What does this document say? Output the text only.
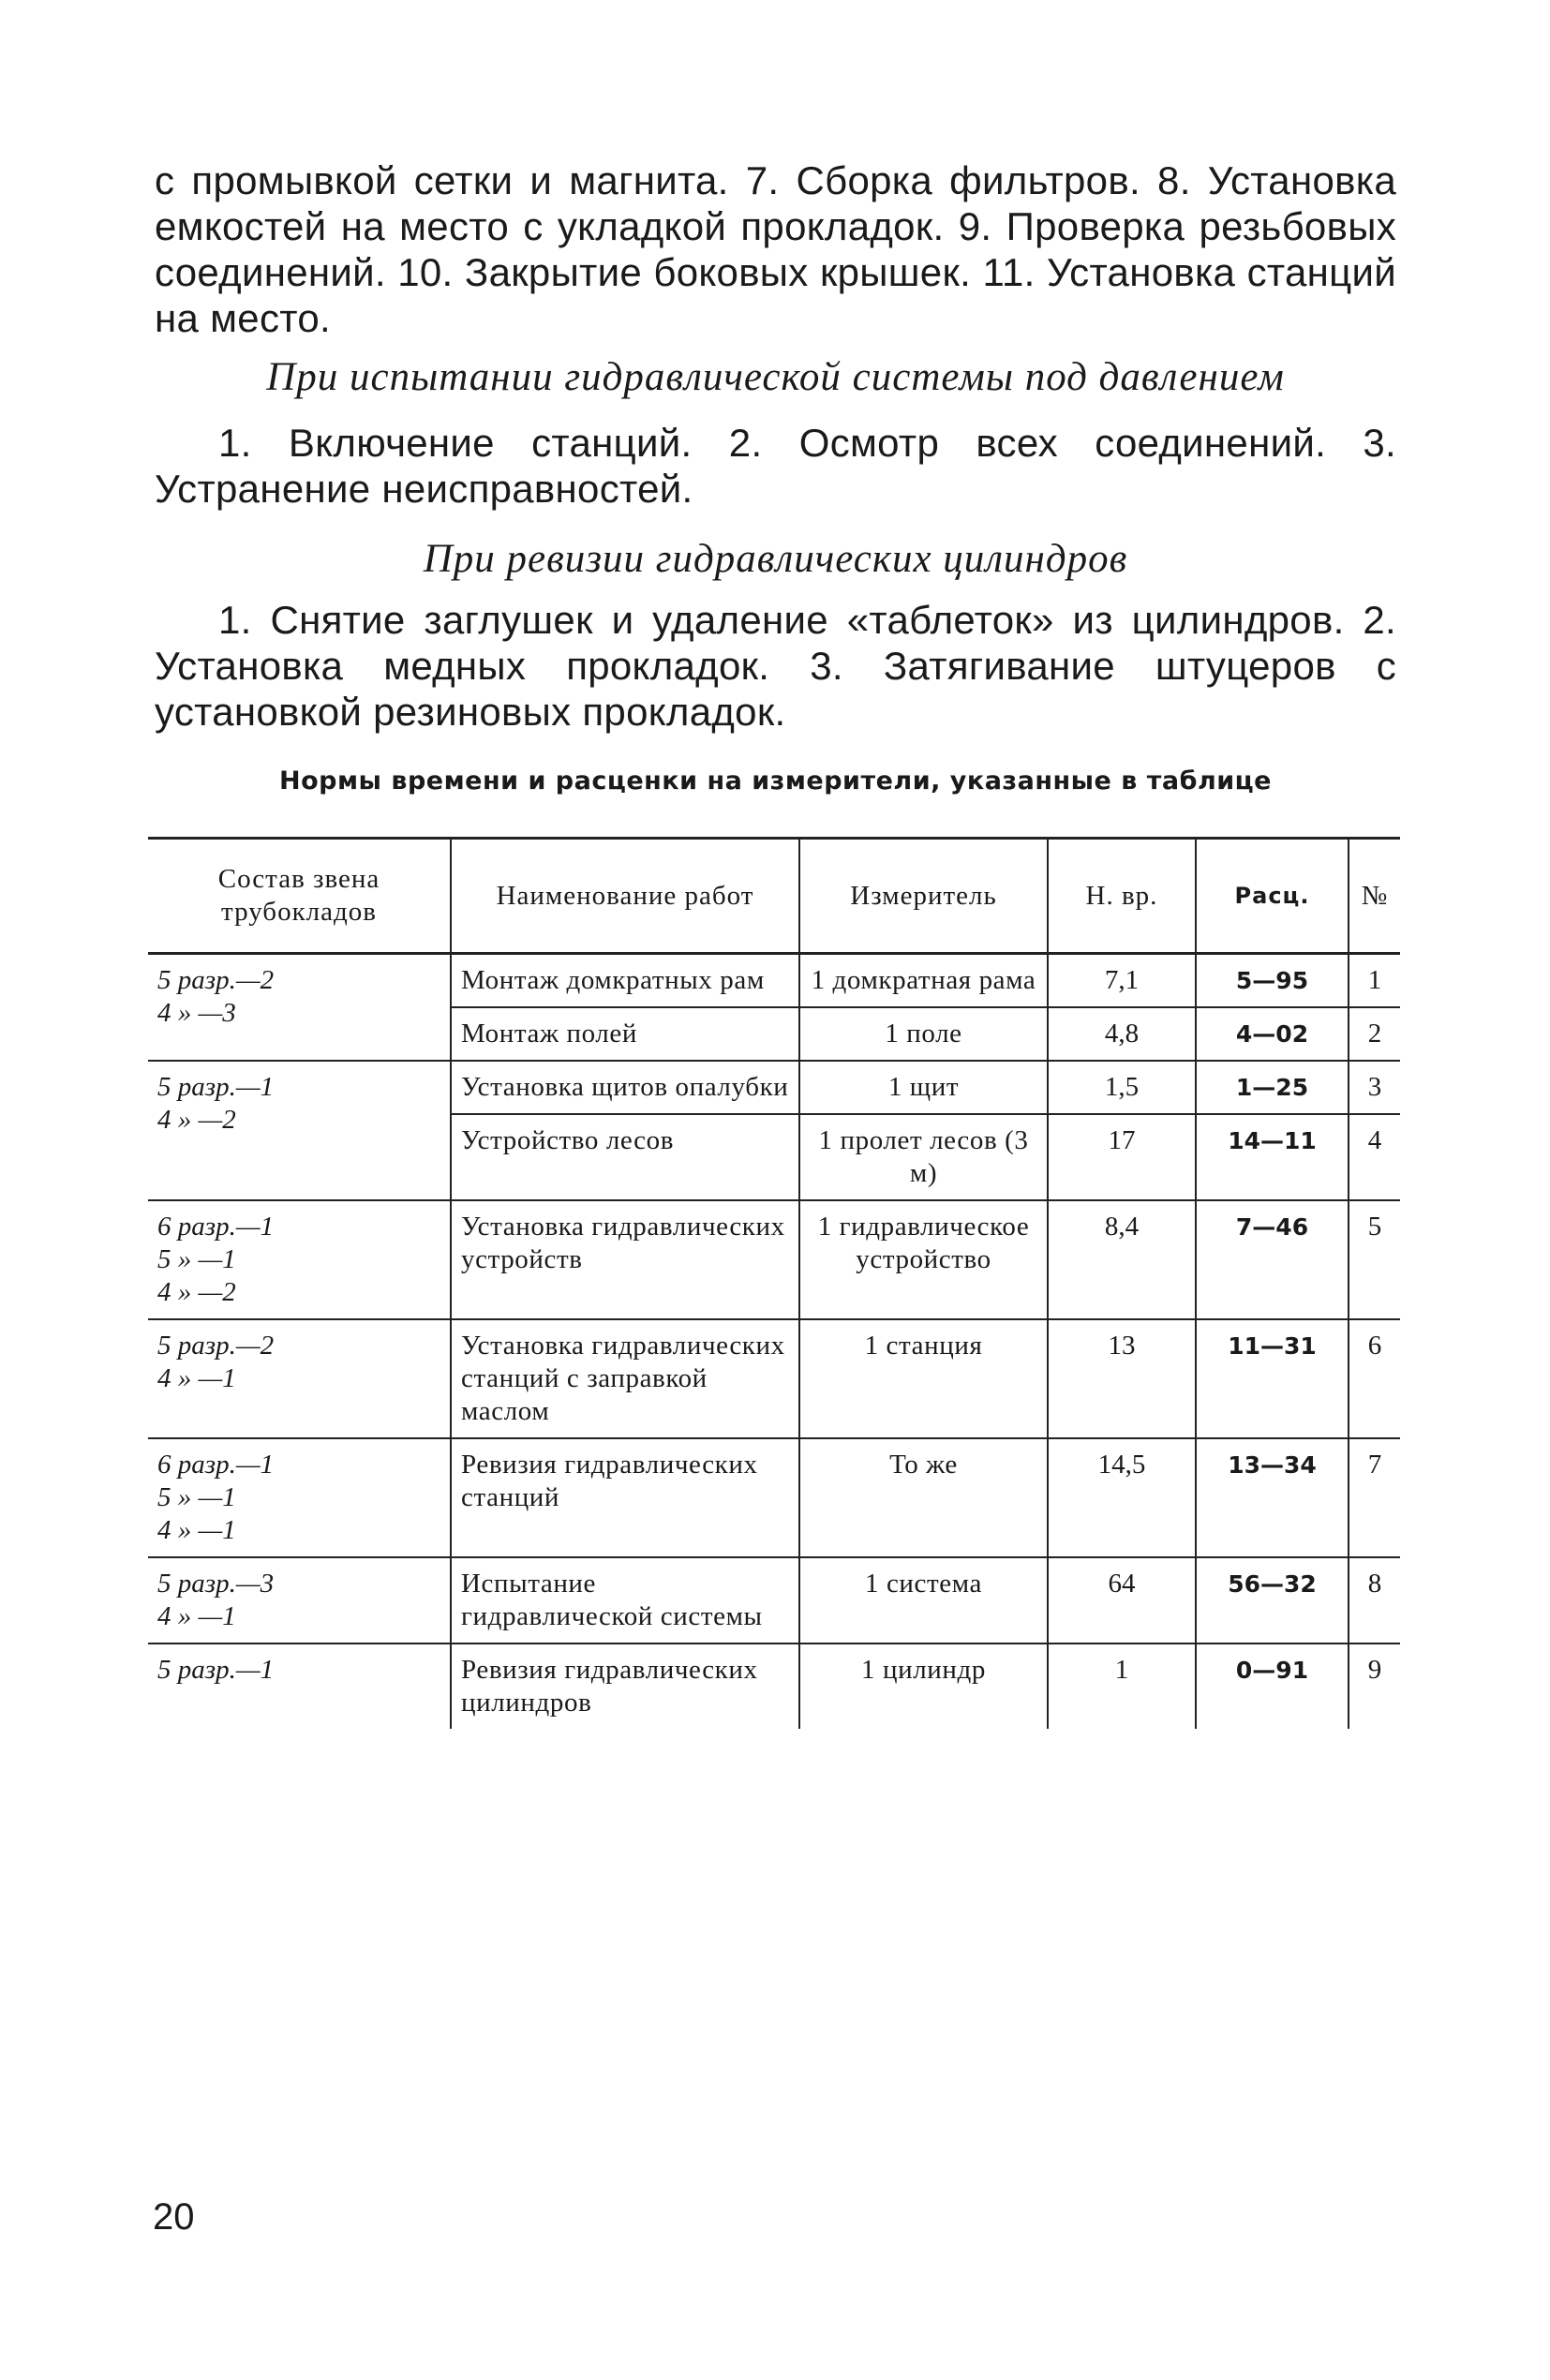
с промывкой сетки и магнита. 7. Сборка фильтров. 8. Установка емкостей на место с укладкой прокладок. 9. Проверка резьбовых соединений. 10. Закрытие боковых крышек. 11. Установка станций на место.
При испытании гидравлической системы под давлением
1. Включение станций. 2. Осмотр всех соединений. 3. Устранение неисправностей.
При ревизии гидравлических цилиндров
1. Снятие заглушек и удаление «таблеток» из цилиндров. 2. Установка медных прокладок. 3. Затягивание штуцеров с установкой резиновых прокладок.
Нормы времени и расценки на измерители, указанные в таблице
Состав звена трубокладов	Наименование работ	Измеритель	Н. вр.	Расц.	№

5 разр.—2
4 » —3	Монтаж домкратных рам	1 домкратная рама	7,1	5—95	1
	Монтаж полей	1 поле	4,8	4—02	2

5 разр.—1
4 » —2	Установка щитов опалубки	1 щит	1,5	1—25	3
	Устройство лесов	1 пролет лесов (3 м)	17	14—11	4

6 разр.—1
5 » —1
4 » —2	Установка гидравлических устройств	1 гидравлическое устройство	8,4	7—46	5

5 разр.—2
4 » —1	Установка гидравлических станций с заправкой маслом	1 станция	13	11—31	6

6 разр.—1
5 » —1
4 » —1	Ревизия гидравлических станций	То же	14,5	13—34	7

5 разр.—3
4 » —1	Испытание гидравлической системы	1 система	64	56—32	8

5 разр.—1	Ревизия гидравлических цилиндров	1 цилиндр	1	0—91	9
20
